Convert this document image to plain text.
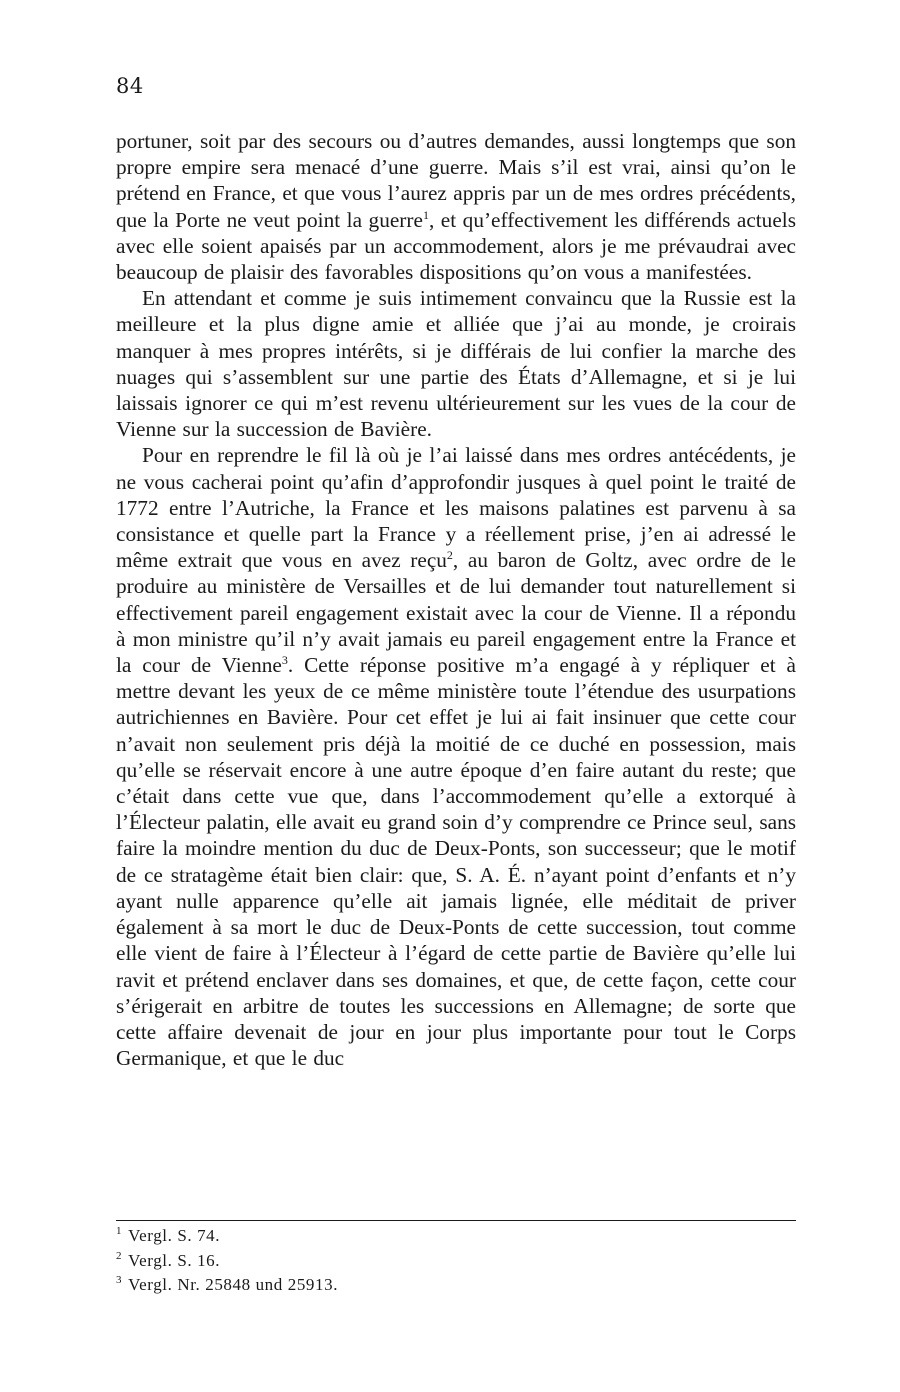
84

portuner, soit par des secours ou d’autres demandes, aussi longtemps que son propre empire sera menacé d’une guerre. Mais s’il est vrai, ainsi qu’on le prétend en France, et que vous l’aurez appris par un de mes ordres précédents, que la Porte ne veut point la guerre$^1$, et qu’effectivement les différends actuels avec elle soient apaisés par un accommodement, alors je me prévaudrai avec beaucoup de plaisir des favorables dispositions qu’on vous a manifestées.

En attendant et comme je suis intimement convaincu que la Russie est la meilleure et la plus digne amie et alliée que j’ai au monde, je croirais manquer à mes propres intérêts, si je différais de lui confier la marche des nuages qui s’assemblent sur une partie des États d’Allemagne, et si je lui laissais ignorer ce qui m’est revenu ultérieurement sur les vues de la cour de Vienne sur la succession de Bavière.

Pour en reprendre le fil là où je l’ai laissé dans mes ordres antécédents, je ne vous cacherai point qu’afin d’approfondir jusques à quel point le traité de 1772 entre l’Autriche, la France et les maisons palatines est parvenu à sa consistance et quelle part la France y a réellement prise, j’en ai adressé le même extrait que vous en avez reçu$^2$, au baron de Goltz, avec ordre de le produire au ministère de Versailles et de lui demander tout naturellement si effectivement pareil engagement existait avec la cour de Vienne. Il a répondu à mon ministre qu’il n’y avait jamais eu pareil engagement entre la France et la cour de Vienne$^3$. Cette réponse positive m’a engagé à y répliquer et à mettre devant les yeux de ce même ministère toute l’étendue des usurpations autrichiennes en Bavière. Pour cet effet je lui ai fait insinuer que cette cour n’avait non seulement pris déjà la moitié de ce duché en possession, mais qu’elle se réservait encore à une autre époque d’en faire autant du reste; que c’était dans cette vue que, dans l’accommodement qu’elle a extorqué à l’Électeur palatin, elle avait eu grand soin d’y comprendre ce Prince seul, sans faire la moindre mention du duc de Deux-Ponts, son successeur; que le motif de ce stratagème était bien clair: que, S. A. É. n’ayant point d’enfants et n’y ayant nulle apparence qu’elle ait jamais lignée, elle méditait de priver également à sa mort le duc de Deux-Ponts de cette succession, tout comme elle vient de faire à l’Électeur à l’égard de cette partie de Bavière qu’elle lui ravit et prétend enclaver dans ses domaines, et que, de cette façon, cette cour s’érigerait en arbitre de toutes les successions en Allemagne; de sorte que cette affaire devenait de jour en jour plus importante pour tout le Corps Germanique, et que le duc

$^1$ Vergl. S. 74.
$^2$ Vergl. S. 16.
$^3$ Vergl. Nr. 25848 und 25913.
